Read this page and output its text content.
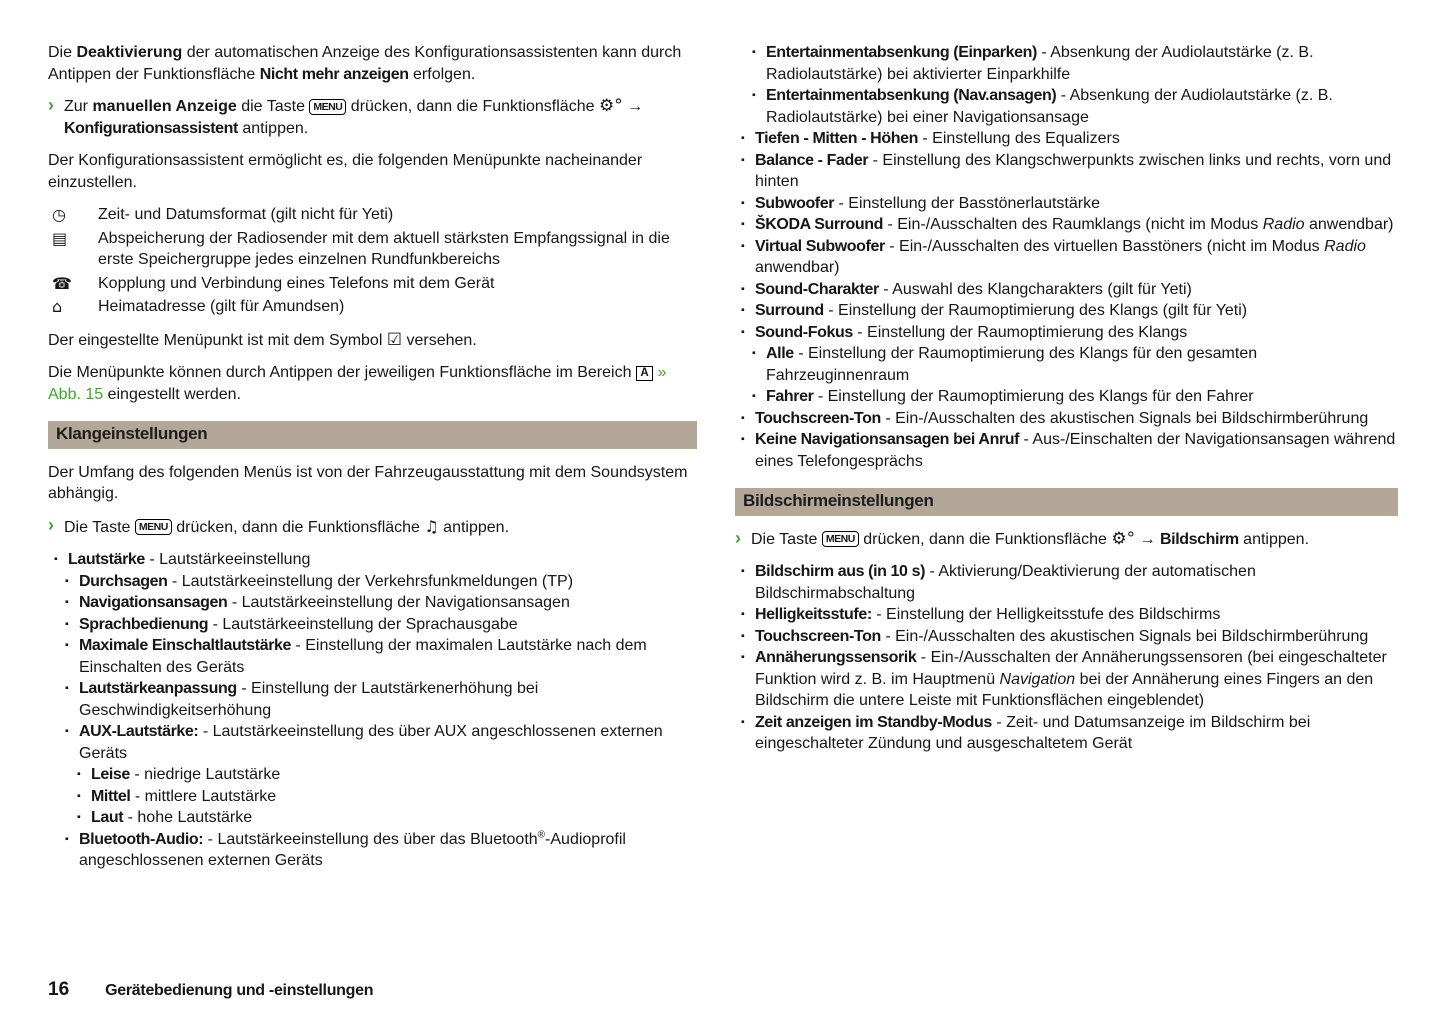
Die Deaktivierung der automatischen Anzeige des Konfigurationsassistenten kann durch Antippen der Funktionsfläche Nicht mehr anzeigen erfolgen.

› Zur manuellen Anzeige die Taste MENU drücken, dann die Funktionsfläche ⚙° → Konfigurationsassistent antippen.

Der Konfigurationsassistent ermöglicht es, die folgenden Menüpunkte nacheinander einzustellen.

◷ Zeit- und Datumsformat (gilt nicht für Yeti)
▤ Abspeicherung der Radiosender mit dem aktuell stärksten Empfangssignal in die erste Speichergruppe jedes einzelnen Rundfunkbereichs
☎ Kopplung und Verbindung eines Telefons mit dem Gerät
⌂ Heimatadresse (gilt für Amundsen)

Der eingestellte Menüpunkt ist mit dem Symbol ☑ versehen.

Die Menüpunkte können durch Antippen der jeweiligen Funktionsfläche im Bereich A » Abb. 15 eingestellt werden.

Klangeinstellungen

Der Umfang des folgenden Menüs ist von der Fahrzeugausstattung mit dem Soundsystem abhängig.

› Die Taste MENU drücken, dann die Funktionsfläche ♫ antippen.
▪ Lautstärke - Lautstärkeeinstellung
▪ Durchsagen - Lautstärkeeinstellung der Verkehrsfunkmeldungen (TP)
▪ Navigationsansagen - Lautstärkeeinstellung der Navigationsansagen
▪ Sprachbedienung - Lautstärkeeinstellung der Sprachausgabe
▪ Maximale Einschaltlautstärke - Einstellung der maximalen Lautstärke nach dem Einschalten des Geräts
▪ Lautstärkeanpassung - Einstellung der Lautstärkenerhöhung bei Geschwindigkeitserhöhung
▪ AUX-Lautstärke: - Lautstärkeeinstellung des über AUX angeschlossenen externen Geräts
▪ Leise - niedrige Lautstärke
▪ Mittel - mittlere Lautstärke
▪ Laut - hohe Lautstärke
▪ Bluetooth-Audio: - Lautstärkeeinstellung des über das Bluetooth®-Audioprofil angeschlossenen externen Geräts
▪ Entertainmentabsenkung (Einparken) - Absenkung der Audiolautstärke (z. B. Radiolautstärke) bei aktivierter Einparkhilfe
▪ Entertainmentabsenkung (Nav.ansagen) - Absenkung der Audiolautstärke (z. B. Radiolautstärke) bei einer Navigationsansage
▪ Tiefen - Mitten - Höhen - Einstellung des Equalizers
▪ Balance - Fader - Einstellung des Klangschwerpunkts zwischen links und rechts, vorn und hinten
▪ Subwoofer - Einstellung der Basstönerlautstärke
▪ ŠKODA Surround - Ein-/Ausschalten des Raumklangs (nicht im Modus Radio anwendbar)
▪ Virtual Subwoofer - Ein-/Ausschalten des virtuellen Basstöners (nicht im Modus Radio anwendbar)
▪ Sound-Charakter - Auswahl des Klangcharakters (gilt für Yeti)
▪ Surround - Einstellung der Raumoptimierung des Klangs (gilt für Yeti)
▪ Sound-Fokus - Einstellung der Raumoptimierung des Klangs
▪ Alle - Einstellung der Raumoptimierung des Klangs für den gesamten Fahrzeuginnenraum
▪ Fahrer - Einstellung der Raumoptimierung des Klangs für den Fahrer
▪ Touchscreen-Ton - Ein-/Ausschalten des akustischen Signals bei Bildschirmberührung
▪ Keine Navigationsansagen bei Anruf - Aus-/Einschalten der Navigationsansagen während eines Telefongesprächs
Bildschirmeinstellungen
› Die Taste MENU drücken, dann die Funktionsfläche ⚙° → Bildschirm antippen.
▪ Bildschirm aus (in 10 s) - Aktivierung/Deaktivierung der automatischen Bildschirmabschaltung
▪ Helligkeitsstufe: - Einstellung der Helligkeitsstufe des Bildschirms
▪ Touchscreen-Ton - Ein-/Ausschalten des akustischen Signals bei Bildschirmberührung
▪ Annäherungssensorik - Ein-/Ausschalten der Annäherungssensoren (bei eingeschalteter Funktion wird z. B. im Hauptmenü Navigation bei der Annäherung eines Fingers an den Bildschirm die untere Leiste mit Funktionsflächen eingeblendet)
▪ Zeit anzeigen im Standby-Modus - Zeit- und Datumsanzeige im Bildschirm bei eingeschalteter Zündung und ausgeschaltetem Gerät
16 Gerätebedienung und -einstellungen
